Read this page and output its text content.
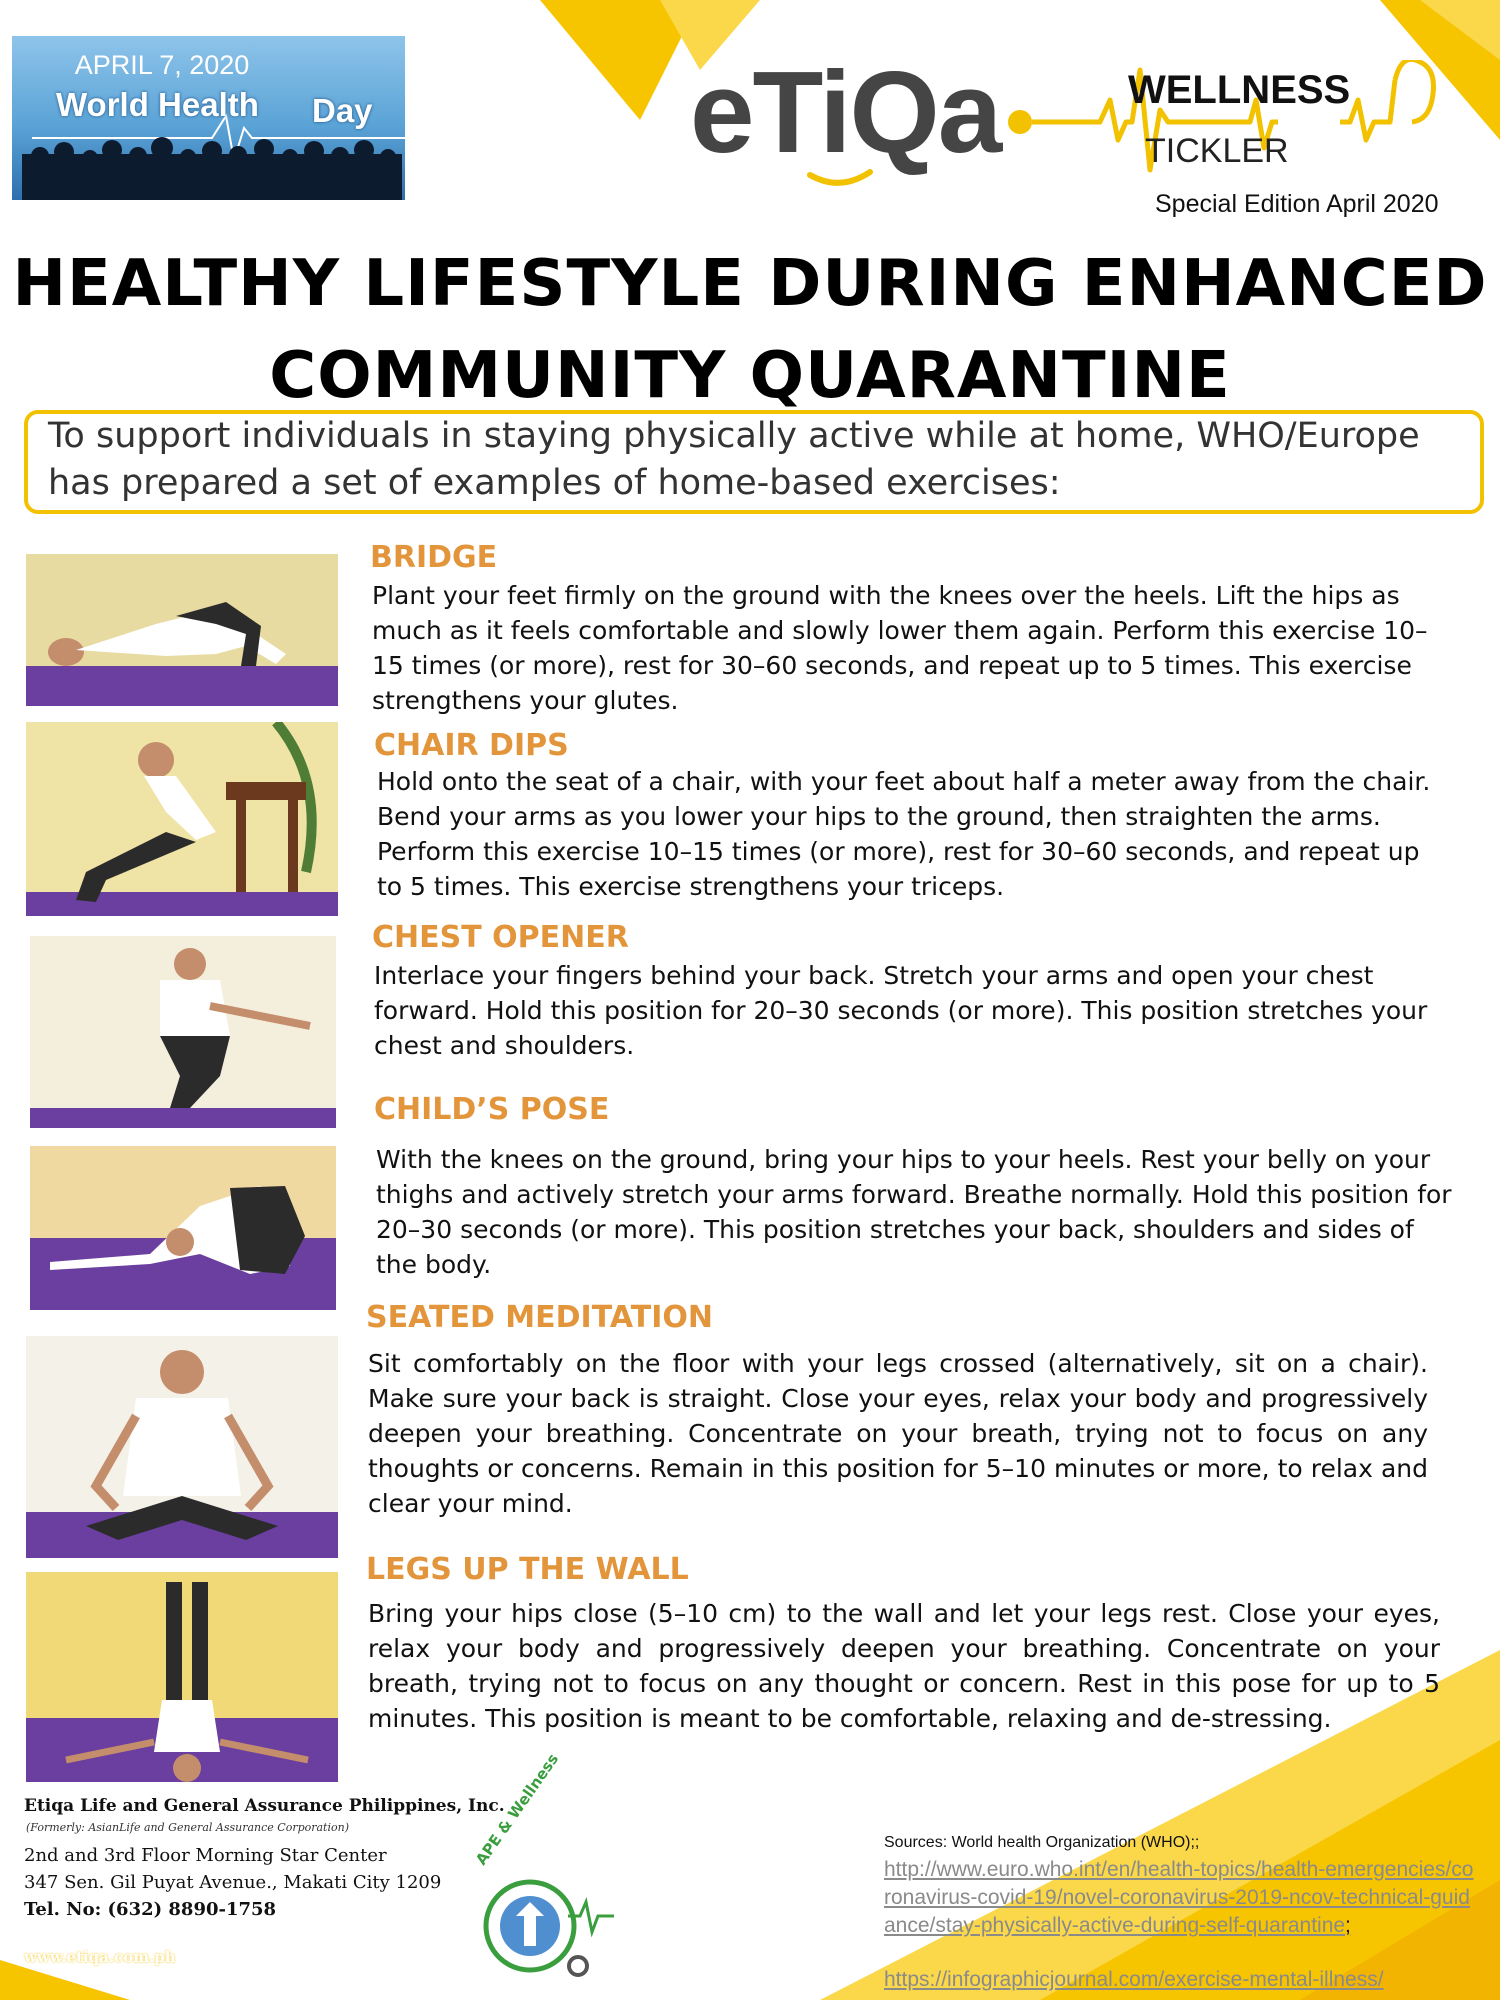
APRIL 7, 2020
World Health Day	eTiQa	WELLNESS
TICKLER
Special Edition April 2020
HEALTHY LIFESTYLE DURING ENHANCED
COMMUNITY QUARANTINE
To support individuals in staying physically active while at home, WHO/Europe has prepared a set of examples of home-based exercises:
BRIDGE
Plant your feet firmly on the ground with the knees over the heels. Lift the hips as much as it feels comfortable and slowly lower them again. Perform this exercise 10–15 times (or more), rest for 30–60 seconds, and repeat up to 5 times. This exercise strengthens your glutes.
CHAIR DIPS
Hold onto the seat of a chair, with your feet about half a meter away from the chair. Bend your arms as you lower your hips to the ground, then straighten the arms. Perform this exercise 10–15 times (or more), rest for 30–60 seconds, and repeat up to 5 times. This exercise strengthens your triceps.
CHEST OPENER
Interlace your fingers behind your back. Stretch your arms and open your chest forward. Hold this position for 20–30 seconds (or more). This position stretches your chest and shoulders.
CHILD’S POSE
With the knees on the ground, bring your hips to your heels. Rest your belly on your thighs and actively stretch your arms forward. Breathe normally. Hold this position for 20–30 seconds (or more). This position stretches your back, shoulders and sides of the body.
SEATED MEDITATION
Sit comfortably on the floor with your legs crossed (alternatively, sit on a chair). Make sure your back is straight. Close your eyes, relax your body and progressively deepen your breathing. Concentrate on your breath, trying not to focus on any thoughts or concerns. Remain in this position for 5–10 minutes or more, to relax and clear your mind.
LEGS UP THE WALL
Bring your hips close (5–10 cm) to the wall and let your legs rest. Close your eyes, relax your body and progressively deepen your breathing. Concentrate on your breath, trying not to focus on any thought or concern. Rest in this pose for up to 5 minutes. This position is meant to be comfortable, relaxing and de-stressing.
Etiqa Life and General Assurance Philippines, Inc.
(Formerly: AsianLife and General Assurance Corporation)
2nd and 3rd Floor Morning Star Center
347 Sen. Gil Puyat Avenue., Makati City 1209
Tel. No: (632) 8890-1758
www.etiqa.com.ph
APE & Wellness	Sources: World health Organization (WHO);;
http://www.euro.who.int/en/health-topics/health-emergencies/coronavirus-covid-19/novel-coronavirus-2019-ncov-technical-guidance/stay-physically-active-during-self-quarantine;
https://infographicjournal.com/exercise-mental-illness/
